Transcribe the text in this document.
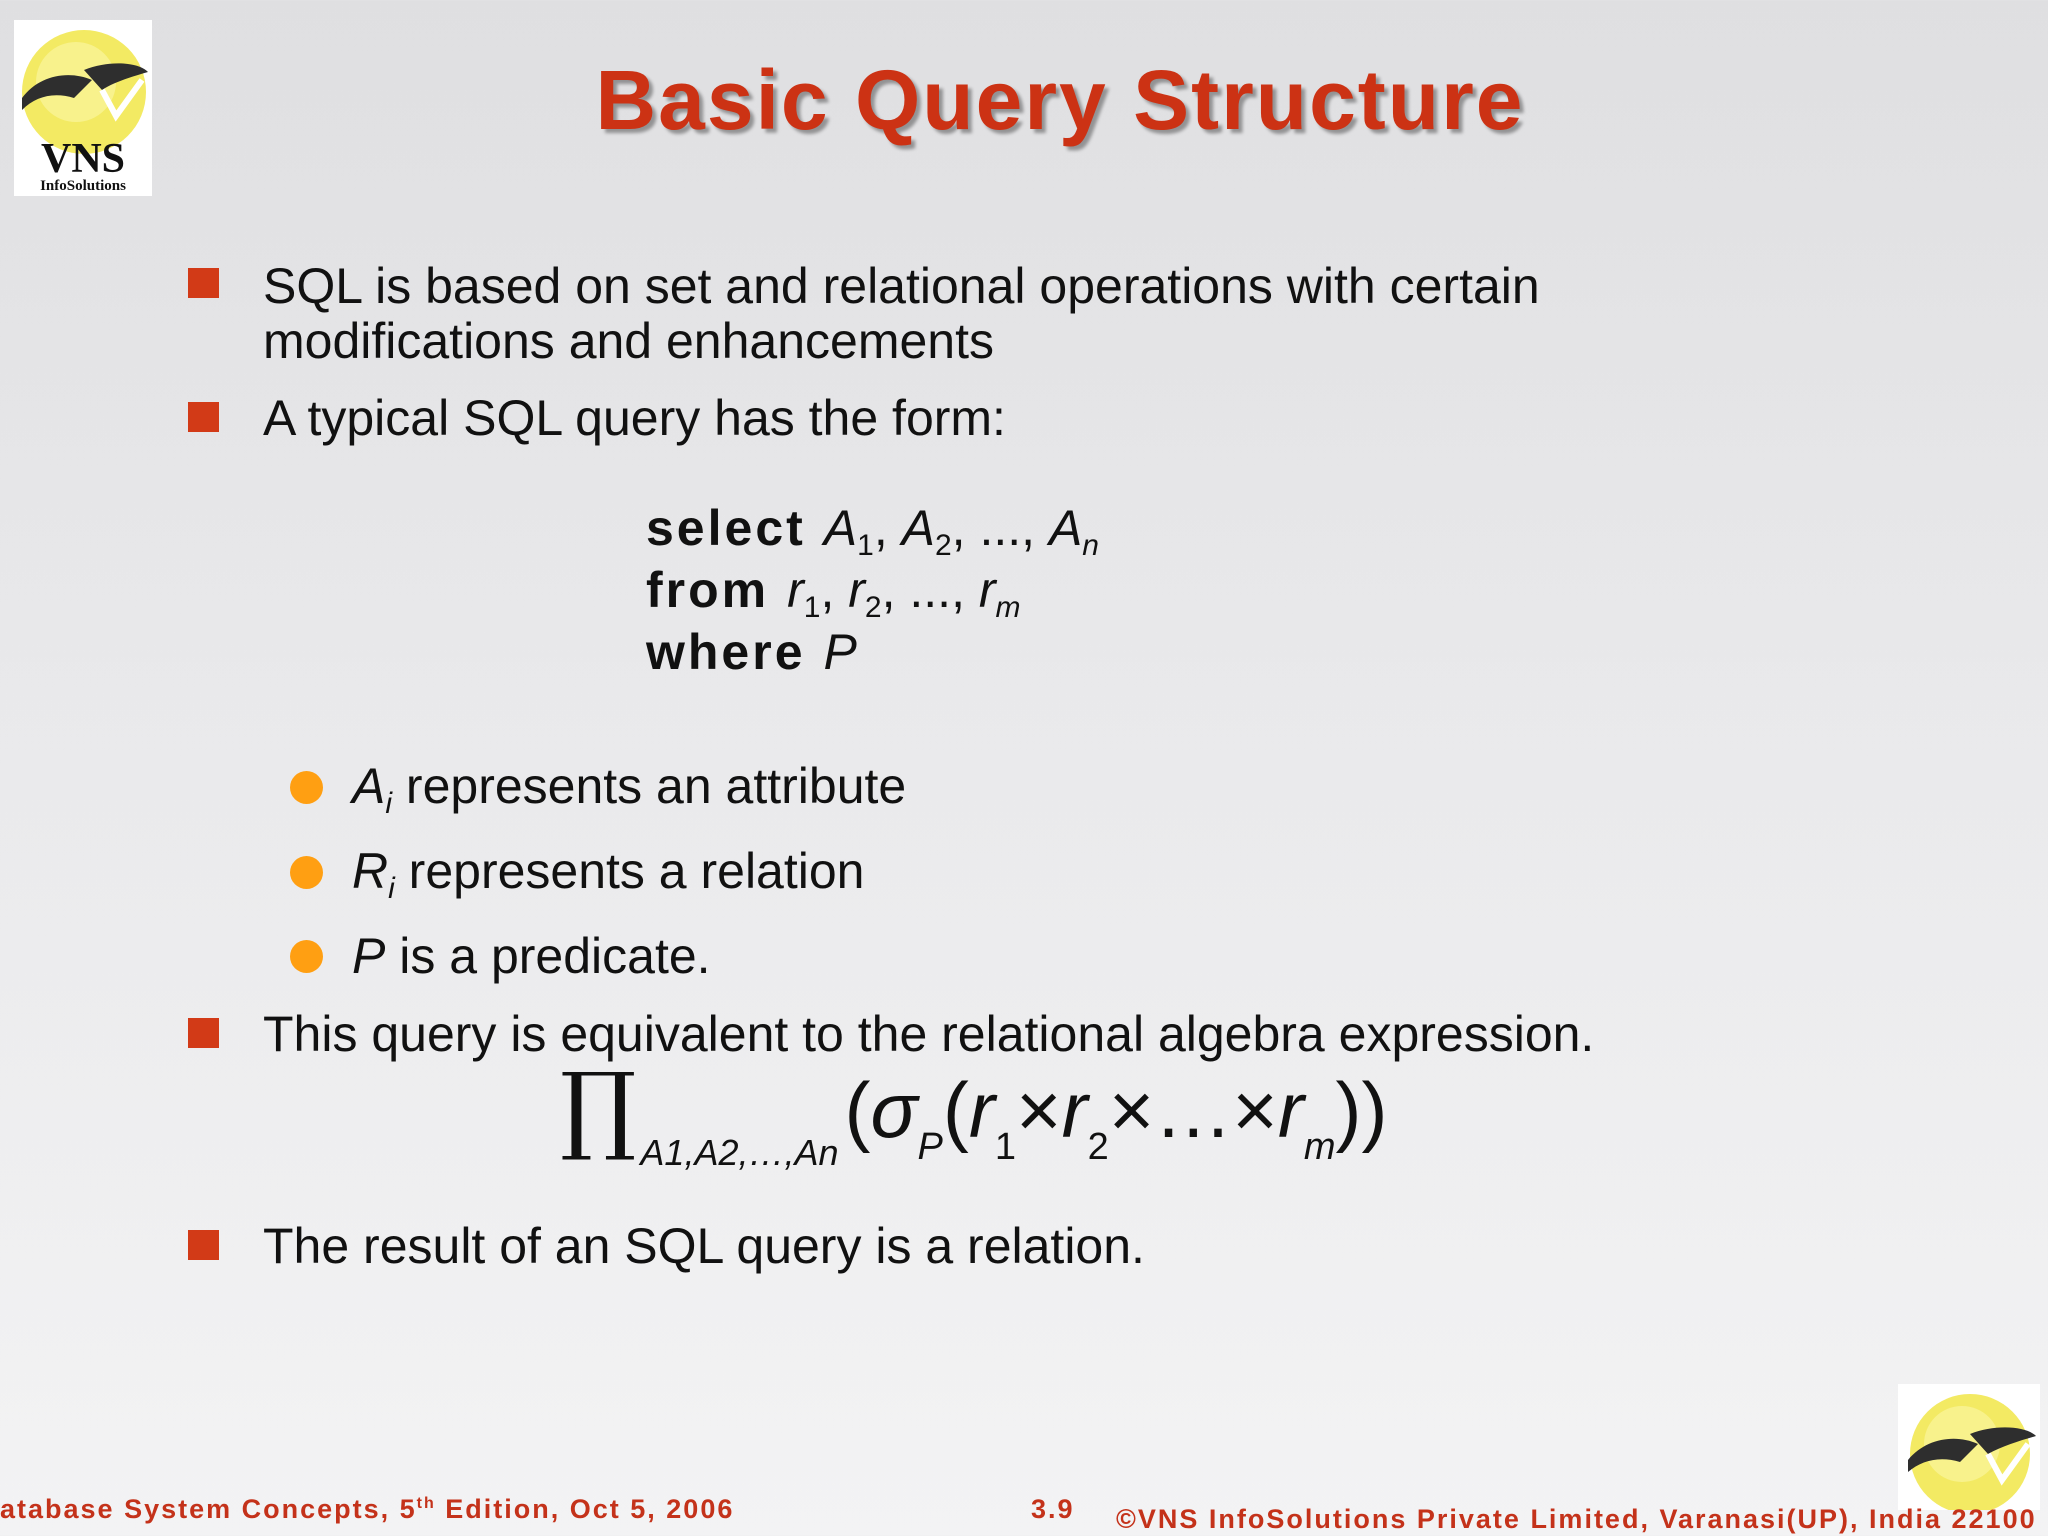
VNS
InfoSolutions
Basic Query Structure
SQL is based on set and relational operations with certain
modifications and enhancements
A typical SQL query has the form:
select $A_1$, $A_2$, ..., $A_n$
from $r_1$, $r_2$, ..., $r_m$
where P
$A_i$ represents an attribute
$R_i$ represents a relation
P is a predicate.
This query is equivalent to the relational algebra expression.
∏ $A1,A2,\dots,An(\sigma_P(r_1\times r_2\times\dots\times r_m))$
The result of an SQL query is a relation.
atabase System Concepts, 5th Edition, Oct 5, 2006	3.9 ©VNS InfoSolutions Private Limited, Varanasi(UP), India 22100
